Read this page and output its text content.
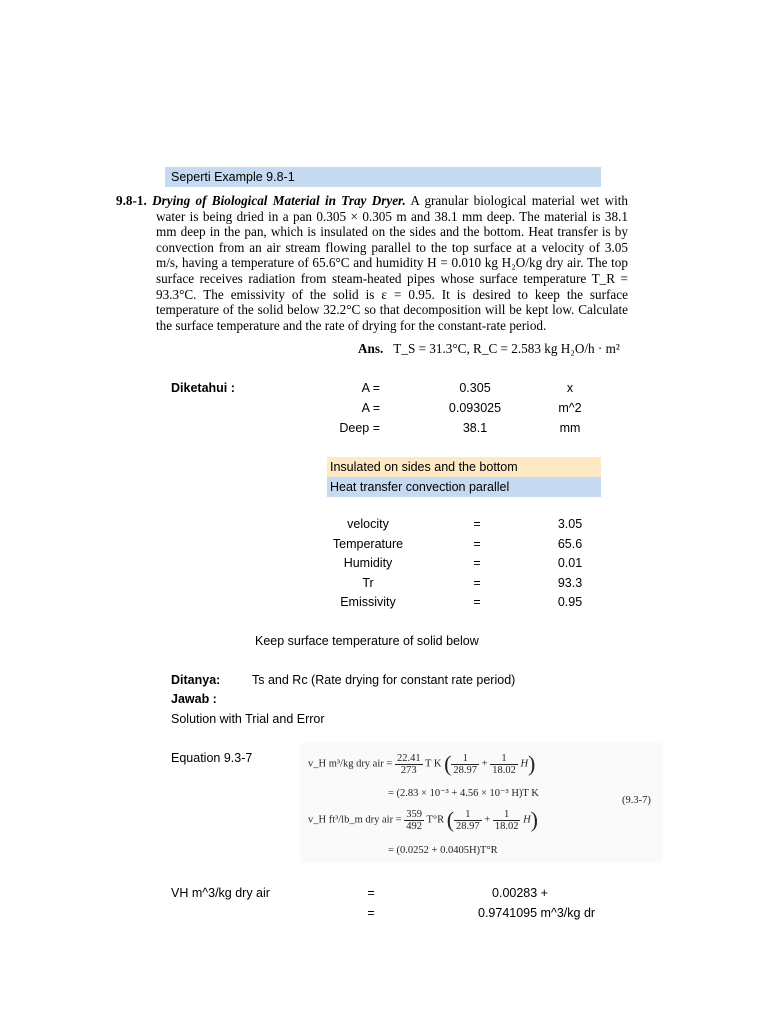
Seperti Example 9.8-1
9.8-1. Drying of Biological Material in Tray Dryer. A granular biological material wet with water is being dried in a pan 0.305 × 0.305 m and 38.1 mm deep. The material is 38.1 mm deep in the pan, which is insulated on the sides and the bottom. Heat transfer is by convection from an air stream flowing parallel to the top surface at a velocity of 3.05 m/s, having a temperature of 65.6°C and humidity H = 0.010 kg H₂O/kg dry air. The top surface receives radiation from steam-heated pipes whose surface temperature T_R = 93.3°C. The emissivity of the solid is ε = 0.95. It is desired to keep the surface temperature of the solid below 32.2°C so that decomposition will be kept low. Calculate the surface temperature and the rate of drying for the constant-rate period.
Ans. T_S = 31.3°C, R_C = 2.583 kg H₂O/h · m²
Diketahui :	A =	0.305	x
A =	0.093025	m^2
Deep =	38.1	mm
Insulated on sides and the bottom
Heat transfer convection parallel
velocity	=	3.05
Temperature	=	65.6
Humidity	=	0.01
Tr	=	93.3
Emissivity	=	0.95
Keep surface temperature of solid below
Ditanya:	Ts and Rc (Rate drying for constant rate period)
Jawab :
Solution with Trial and Error
Equation 9.3-7	v_H m³/kg dry air = $\frac{22.41}{273}$ T K ( $\frac{1}{28.97} + \frac{1}{18.02} H$)
= (2.83 × 10⁻³ + 4.56 × 10⁻³ H)T K
(9.3-7)
v_H ft³/lb_m dry air = $\frac{359}{492} T^\circ R$ ( $\frac{1}{28.97} + \frac{1}{18.02} H$)
= (0.0252 + 0.0405H)T°R
VH m^3/kg dry air	=	0.00283 +
=	0.9741095 m^3/kg dr
